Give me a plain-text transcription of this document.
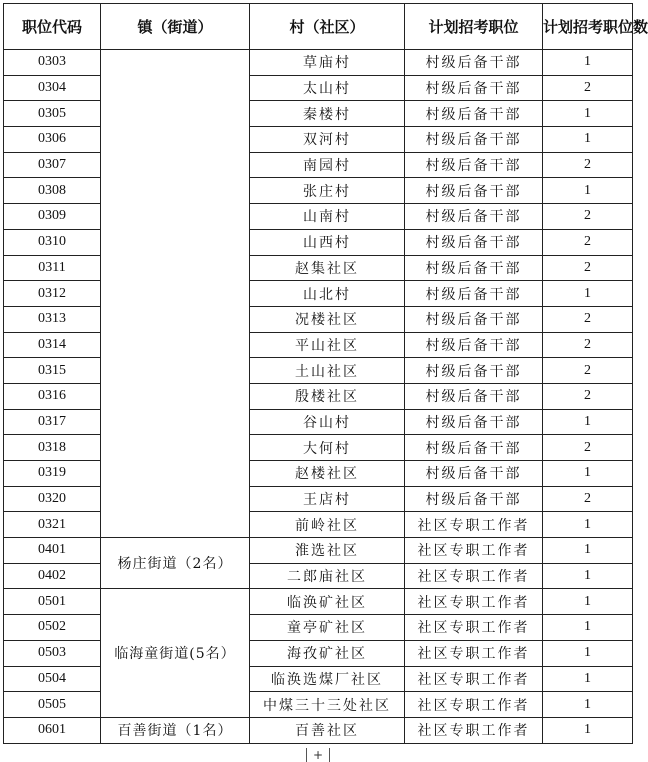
职位代码	镇（街道）	村（社区）	计划招考职位	计划招考职位数
0303		草庙村	村级后备干部	1
0304		太山村	村级后备干部	2
0305		秦楼村	村级后备干部	1
0306		双河村	村级后备干部	1
0307		南园村	村级后备干部	2
0308		张庄村	村级后备干部	1
0309		山南村	村级后备干部	2
0310		山西村	村级后备干部	2
0311		赵集社区	村级后备干部	2
0312		山北村	村级后备干部	1
0313		况楼社区	村级后备干部	2
0314		平山社区	村级后备干部	2
0315		土山社区	村级后备干部	2
0316		殷楼社区	村级后备干部	2
0317		谷山村	村级后备干部	1
0318		大何村	村级后备干部	2
0319		赵楼社区	村级后备干部	1
0320		王店村	村级后备干部	2
0321		前岭社区	社区专职工作者	1
0401	杨庄街道（2名）	淮选社区	社区专职工作者	1
0402		二郎庙社区	社区专职工作者	1
0501	临海童街道(5名）	临涣矿社区	社区专职工作者	1
0502		童亭矿社区	社区专职工作者	1
0503		海孜矿社区	社区专职工作者	1
0504		临涣选煤厂社区	社区专职工作者	1
0505		中煤三十三处社区	社区专职工作者	1
0601	百善街道（1名）	百善社区	社区专职工作者	1
+
